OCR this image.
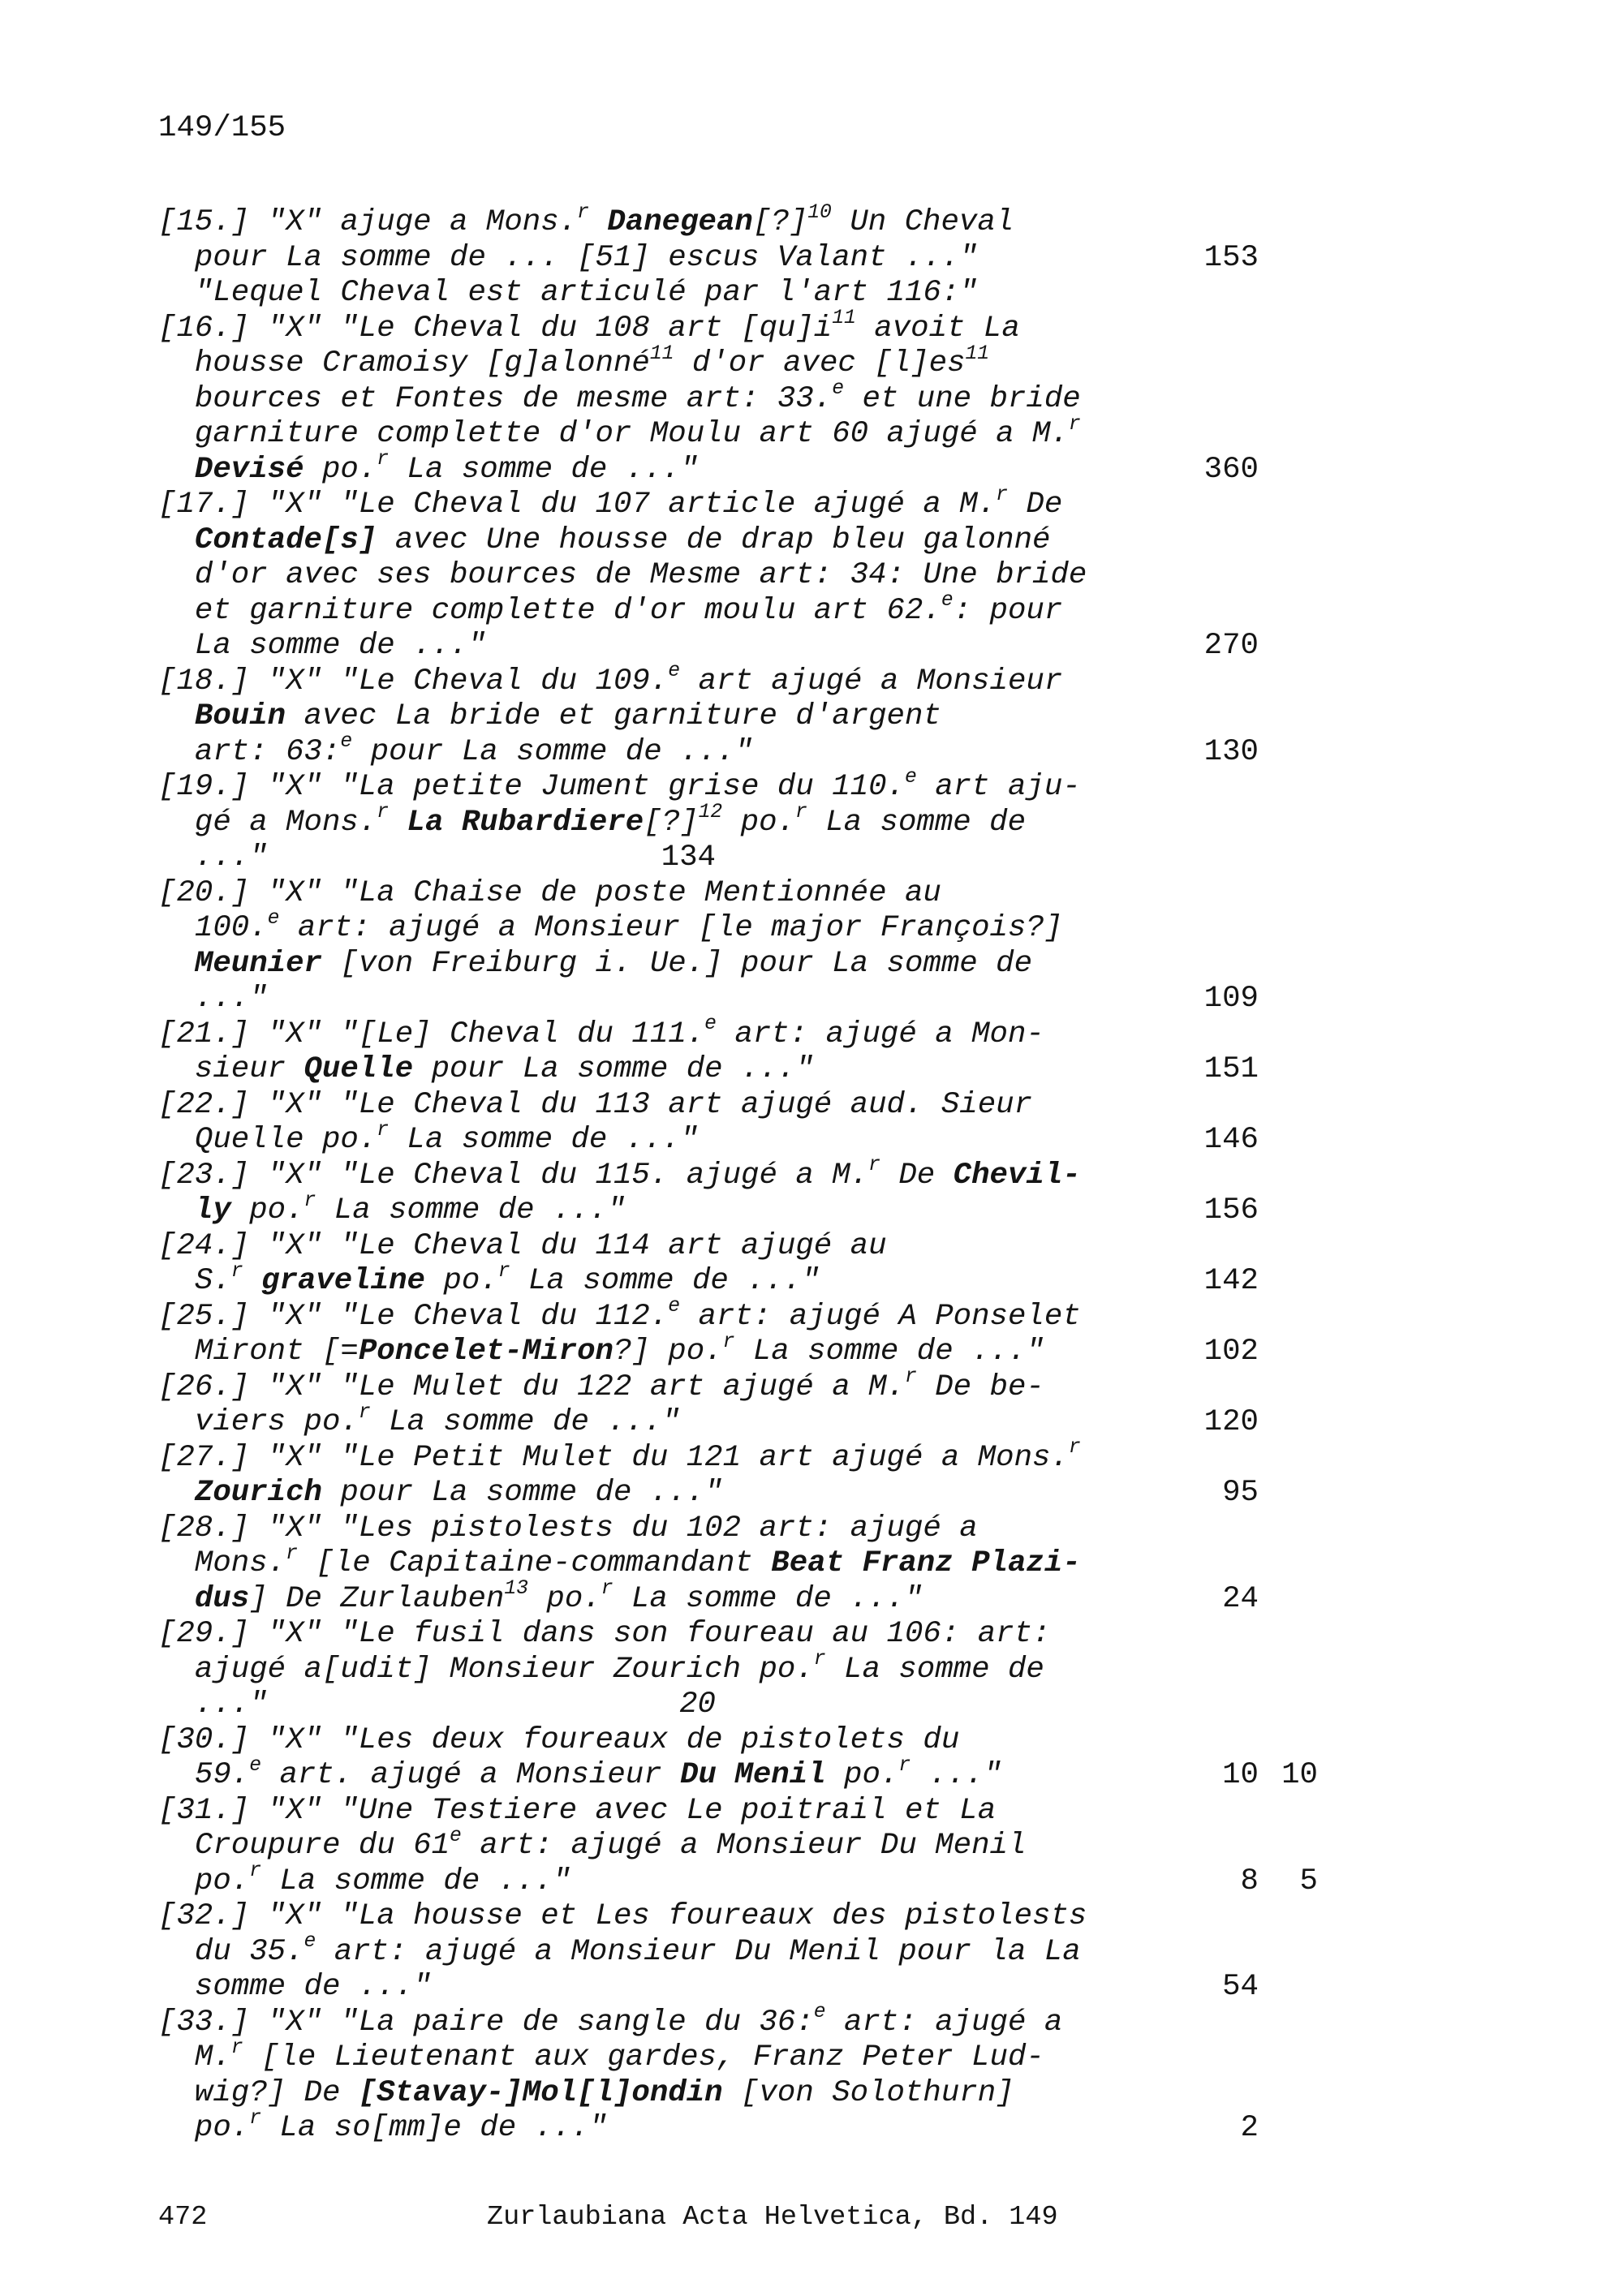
149/155
[15.] "X" ajuge a Mons.$^r$ Danegean[?]$^{10}$ Un Cheval
pour La somme de ... [51] escus Valant ..."	153
"Lequel Cheval est articulé par l'art 116:"
[16.] "X" "Le Cheval du 108 art $[qu]i^{11}$ avoit La
housse Cramoisy [g]alonné$^{11}$ d'or avec $[l]es^{11}$
bources et Fontes de mesme art: 33.$^e$ et une bride
garniture complette d'or Moulu art 60 ajugé a M.$^r$
Devisé po.$^r$ La somme de ..."	360
[17.] "X" "Le Cheval du 107 article ajugé a M.$^r$ De
Contade[s] avec Une housse de drap bleu galonné
d'or avec ses bources de Mesme art: 34: Une bride
et garniture complette d'or moulu art 62.$^e$: pour
La somme de ..."	270
[18.] "X" "Le Cheval du 109.$^e$ art ajugé a Monsieur
Bouin avec La bride et garniture d'argent
art: 63:$^e$ pour La somme de ..."	130
[19.] "X" "La petite Jument grise du 110.$^e$ art aju-
gé a Mons.$^r$ La Rubardiere[?]$^{12}$ po.$^r$ La somme de
..."	134
[20.] "X" "La Chaise de poste Mentionnée au
100.$^e$ art: ajugé a Monsieur [le major François?]
Meunier [von Freiburg i. Ue.] pour La somme de
..."	109
[21.] "X" "[Le] Cheval du 111.$^e$ art: ajugé a Mon-
sieur Quelle pour La somme de ..."	151
[22.] "X" "Le Cheval du 113 art ajugé aud. Sieur
Quelle po.$^r$ La somme de ..."	146
[23.] "X" "Le Cheval du 115. ajugé a M.$^r$ De Chevil-
ly po.$^r$ La somme de ..."	156
[24.] "X" "Le Cheval du 114 art ajugé au
S.$^r$ graveline po.$^r$ La somme de ..."	142
[25.] "X" "Le Cheval du 112.$^e$ art: ajugé A Ponselet
Miront [=Poncelet-Miron?] po.$^r$ La somme de ..."	102
[26.] "X" "Le Mulet du 122 art ajugé a M.$^r$ De be-
viers po.$^r$ La somme de ..."	120
[27.] "X" "Le Petit Mulet du 121 art ajugé a Mons.$^r$
Zourich pour La somme de ..."	95
[28.] "X" "Les pistolests du 102 art: ajugé a
Mons.$^r$ [le Capitaine-commandant Beat Franz Plazi-
dus] De Zurlauben$^{13}$ po.$^r$ La somme de ..."	24
[29.] "X" "Le fusil dans son foureau au 106: art:
ajugé a[udit] Monsieur Zourich po.$^r$ La somme de
..."	20
[30.] "X" "Les deux foureaux de pistolets du
59.$^e$ art. ajugé a Monsieur Du Menil po.$^r$ ..."	10 10
[31.] "X" "Une Testiere avec Le poitrail et La
Croupure du 61e art: ajugé a Monsieur Du Menil
po.$^r$ La somme de ..."	8 5
[32.] "X" "La housse et Les foureaux des pistolests
du 35.$^e$ art: ajugé a Monsieur Du Menil pour la La
somme de ..."	54
[33.] "X" "La paire de sangle du 36:$^e$ art: ajugé a
M.$^r$ [le Lieutenant aux gardes, Franz Peter Lud-
wig?] De [Stavay-]Mol[l]ondin [von Solothurn]
po.$^r$ La so[mm]e de ..."	2
472	Zurlaubiana Acta Helvetica, Bd. 149
